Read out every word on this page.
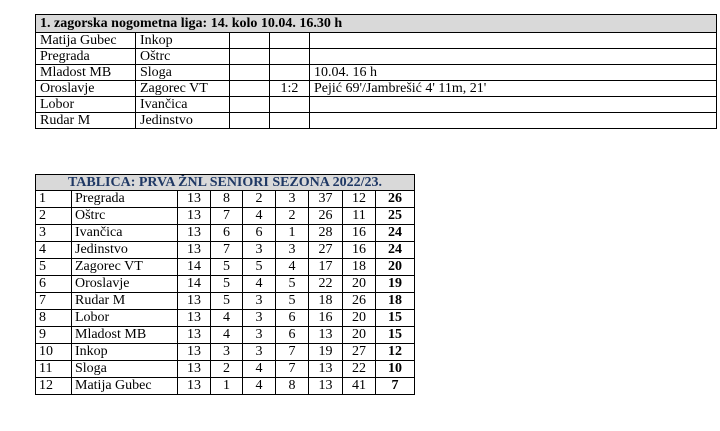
1. zagorska nogometna liga: 14. kolo 10.04. 16.30 h				
Matija Gubec	Inkop			
Pregrada	Oštrc			
Mladost MB	Sloga			10.04. 16 h
Oroslavje	Zagorec VT		1:2	Pejić 69'/Jambrešić 4' 11m, 21'
Lobor	Ivančica			
Rudar M	Jedinstvo			
TABLICA: PRVA ŽNL SENIORI SEZONA 2022/23.								
1	Pregrada	13	8	2	3	37	12	26
2	Oštrc	13	7	4	2	26	11	25
3	Ivančica	13	6	6	1	28	16	24
4	Jedinstvo	13	7	3	3	27	16	24
5	Zagorec VT	14	5	5	4	17	18	20
6	Oroslavje	14	5	4	5	22	20	19
7	Rudar M	13	5	3	5	18	26	18
8	Lobor	13	4	3	6	16	20	15
9	Mladost MB	13	4	3	6	13	20	15
10	Inkop	13	3	3	7	19	27	12
11	Sloga	13	2	4	7	13	22	10
12	Matija Gubec	13	1	4	8	13	41	7
